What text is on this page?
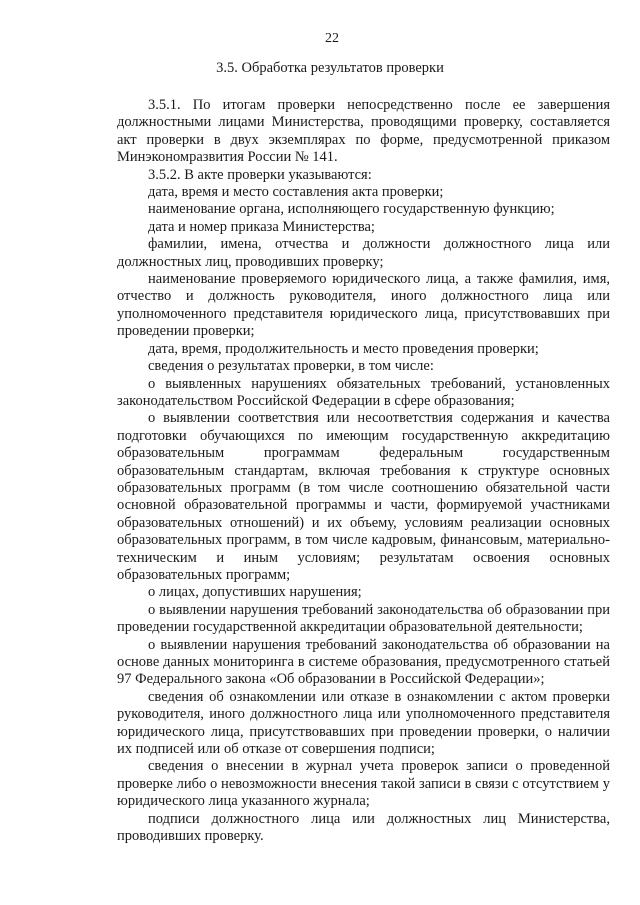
22
3.5. Обработка результатов проверки

3.5.1. По итогам проверки непосредственно после ее завершения должностными лицами Министерства, проводящими проверку, составляется акт проверки в двух экземплярах по форме, предусмотренной приказом Минэкономразвития России № 141.

3.5.2. В акте проверки указываются:

дата, время и место составления акта проверки;

наименование органа, исполняющего государственную функцию;

дата и номер приказа Министерства;

фамилии, имена, отчества и должности должностного лица или должностных лиц, проводивших проверку;

наименование проверяемого юридического лица, а также фамилия, имя, отчество и должность руководителя, иного должностного лица или уполномоченного представителя юридического лица, присутствовавших при проведении проверки;

дата, время, продолжительность и место проведения проверки;

сведения о результатах проверки, в том числе:

о выявленных нарушениях обязательных требований, установленных законодательством Российской Федерации в сфере образования;

о выявлении соответствия или несоответствия содержания и качества подготовки обучающихся по имеющим государственную аккредитацию образовательным программам федеральным государственным образовательным стандартам, включая требования к структуре основных образовательных программ (в том числе соотношению обязательной части основной образовательной программы и части, формируемой участниками образовательных отношений) и их объему, условиям реализации основных образовательных программ, в том числе кадровым, финансовым, материально-техническим и иным условиям; результатам освоения основных образовательных программ;

о лицах, допустивших нарушения;

о выявлении нарушения требований законодательства об образовании при проведении государственной аккредитации образовательной деятельности;

о выявлении нарушения требований законодательства об образовании на основе данных мониторинга в системе образования, предусмотренного статьей 97 Федерального закона «Об образовании в Российской Федерации»;

сведения об ознакомлении или отказе в ознакомлении с актом проверки руководителя, иного должностного лица или уполномоченного представителя юридического лица, присутствовавших при проведении проверки, о наличии их подписей или об отказе от совершения подписи;

сведения о внесении в журнал учета проверок записи о проведенной проверке либо о невозможности внесения такой записи в связи с отсутствием у юридического лица указанного журнала;

подписи должностного лица или должностных лиц Министерства, проводивших проверку.
